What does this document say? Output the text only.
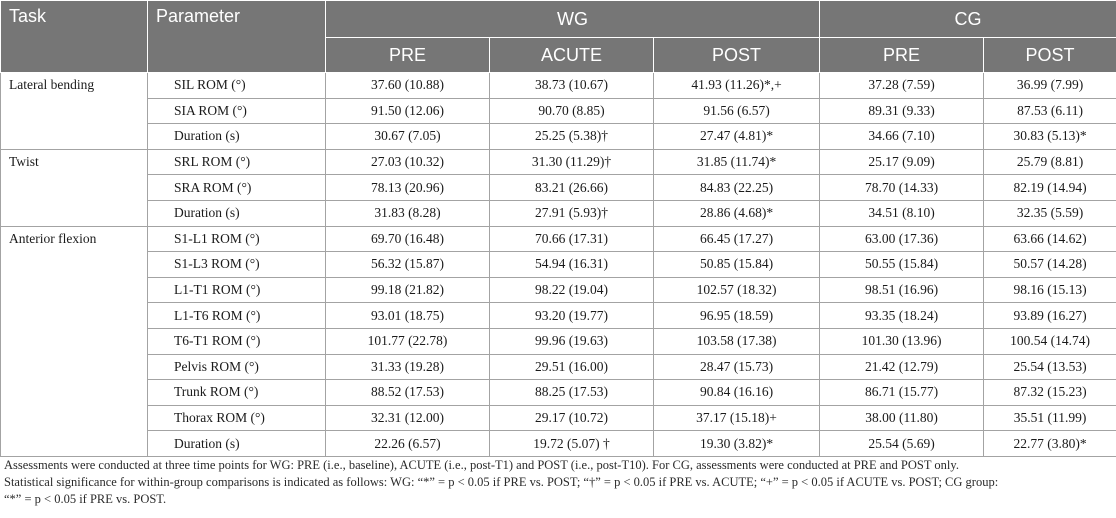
Task	Parameter	WG			CG	
		PRE	ACUTE	POST	PRE	POST
Lateral bending	SIL ROM (°)	37.60 (10.88)	38.73 (10.67)	41.93 (11.26)*,+	37.28 (7.59)	36.99 (7.99)
	SIA ROM (°)	91.50 (12.06)	90.70 (8.85)	91.56 (6.57)	89.31 (9.33)	87.53 (6.11)
	Duration (s)	30.67 (7.05)	25.25 (5.38)†	27.47 (4.81)*	34.66 (7.10)	30.83 (5.13)*
Twist	SRL ROM (°)	27.03 (10.32)	31.30 (11.29)†	31.85 (11.74)*	25.17 (9.09)	25.79 (8.81)
	SRA ROM (°)	78.13 (20.96)	83.21 (26.66)	84.83 (22.25)	78.70 (14.33)	82.19 (14.94)
	Duration (s)	31.83 (8.28)	27.91 (5.93)†	28.86 (4.68)*	34.51 (8.10)	32.35 (5.59)
Anterior flexion	S1-L1 ROM (°)	69.70 (16.48)	70.66 (17.31)	66.45 (17.27)	63.00 (17.36)	63.66 (14.62)
	S1-L3 ROM (°)	56.32 (15.87)	54.94 (16.31)	50.85 (15.84)	50.55 (15.84)	50.57 (14.28)
	L1-T1 ROM (°)	99.18 (21.82)	98.22 (19.04)	102.57 (18.32)	98.51 (16.96)	98.16 (15.13)
	L1-T6 ROM (°)	93.01 (18.75)	93.20 (19.77)	96.95 (18.59)	93.35 (18.24)	93.89 (16.27)
	T6-T1 ROM (°)	101.77 (22.78)	99.96 (19.63)	103.58 (17.38)	101.30 (13.96)	100.54 (14.74)
	Pelvis ROM (°)	31.33 (19.28)	29.51 (16.00)	28.47 (15.73)	21.42 (12.79)	25.54 (13.53)
	Trunk ROM (°)	88.52 (17.53)	88.25 (17.53)	90.84 (16.16)	86.71 (15.77)	87.32 (15.23)
	Thorax ROM (°)	32.31 (12.00)	29.17 (10.72)	37.17 (15.18)+	38.00 (11.80)	35.51 (11.99)
	Duration (s)	22.26 (6.57)	19.72 (5.07) †	19.30 (3.82)*	25.54 (5.69)	22.77 (3.80)*

Assessments were conducted at three time points for WG: PRE (i.e., baseline), ACUTE (i.e., post-T1) and POST (i.e., post-T10). For CG, assessments were conducted at PRE and POST only.

Statistical significance for within-group comparisons is indicated as follows: WG: “*” = p < 0.05 if PRE vs. POST; “†” = p < 0.05 if PRE vs. ACUTE; “+” = p < 0.05 if ACUTE vs. POST; CG group:

“*” = p < 0.05 if PRE vs. POST.
